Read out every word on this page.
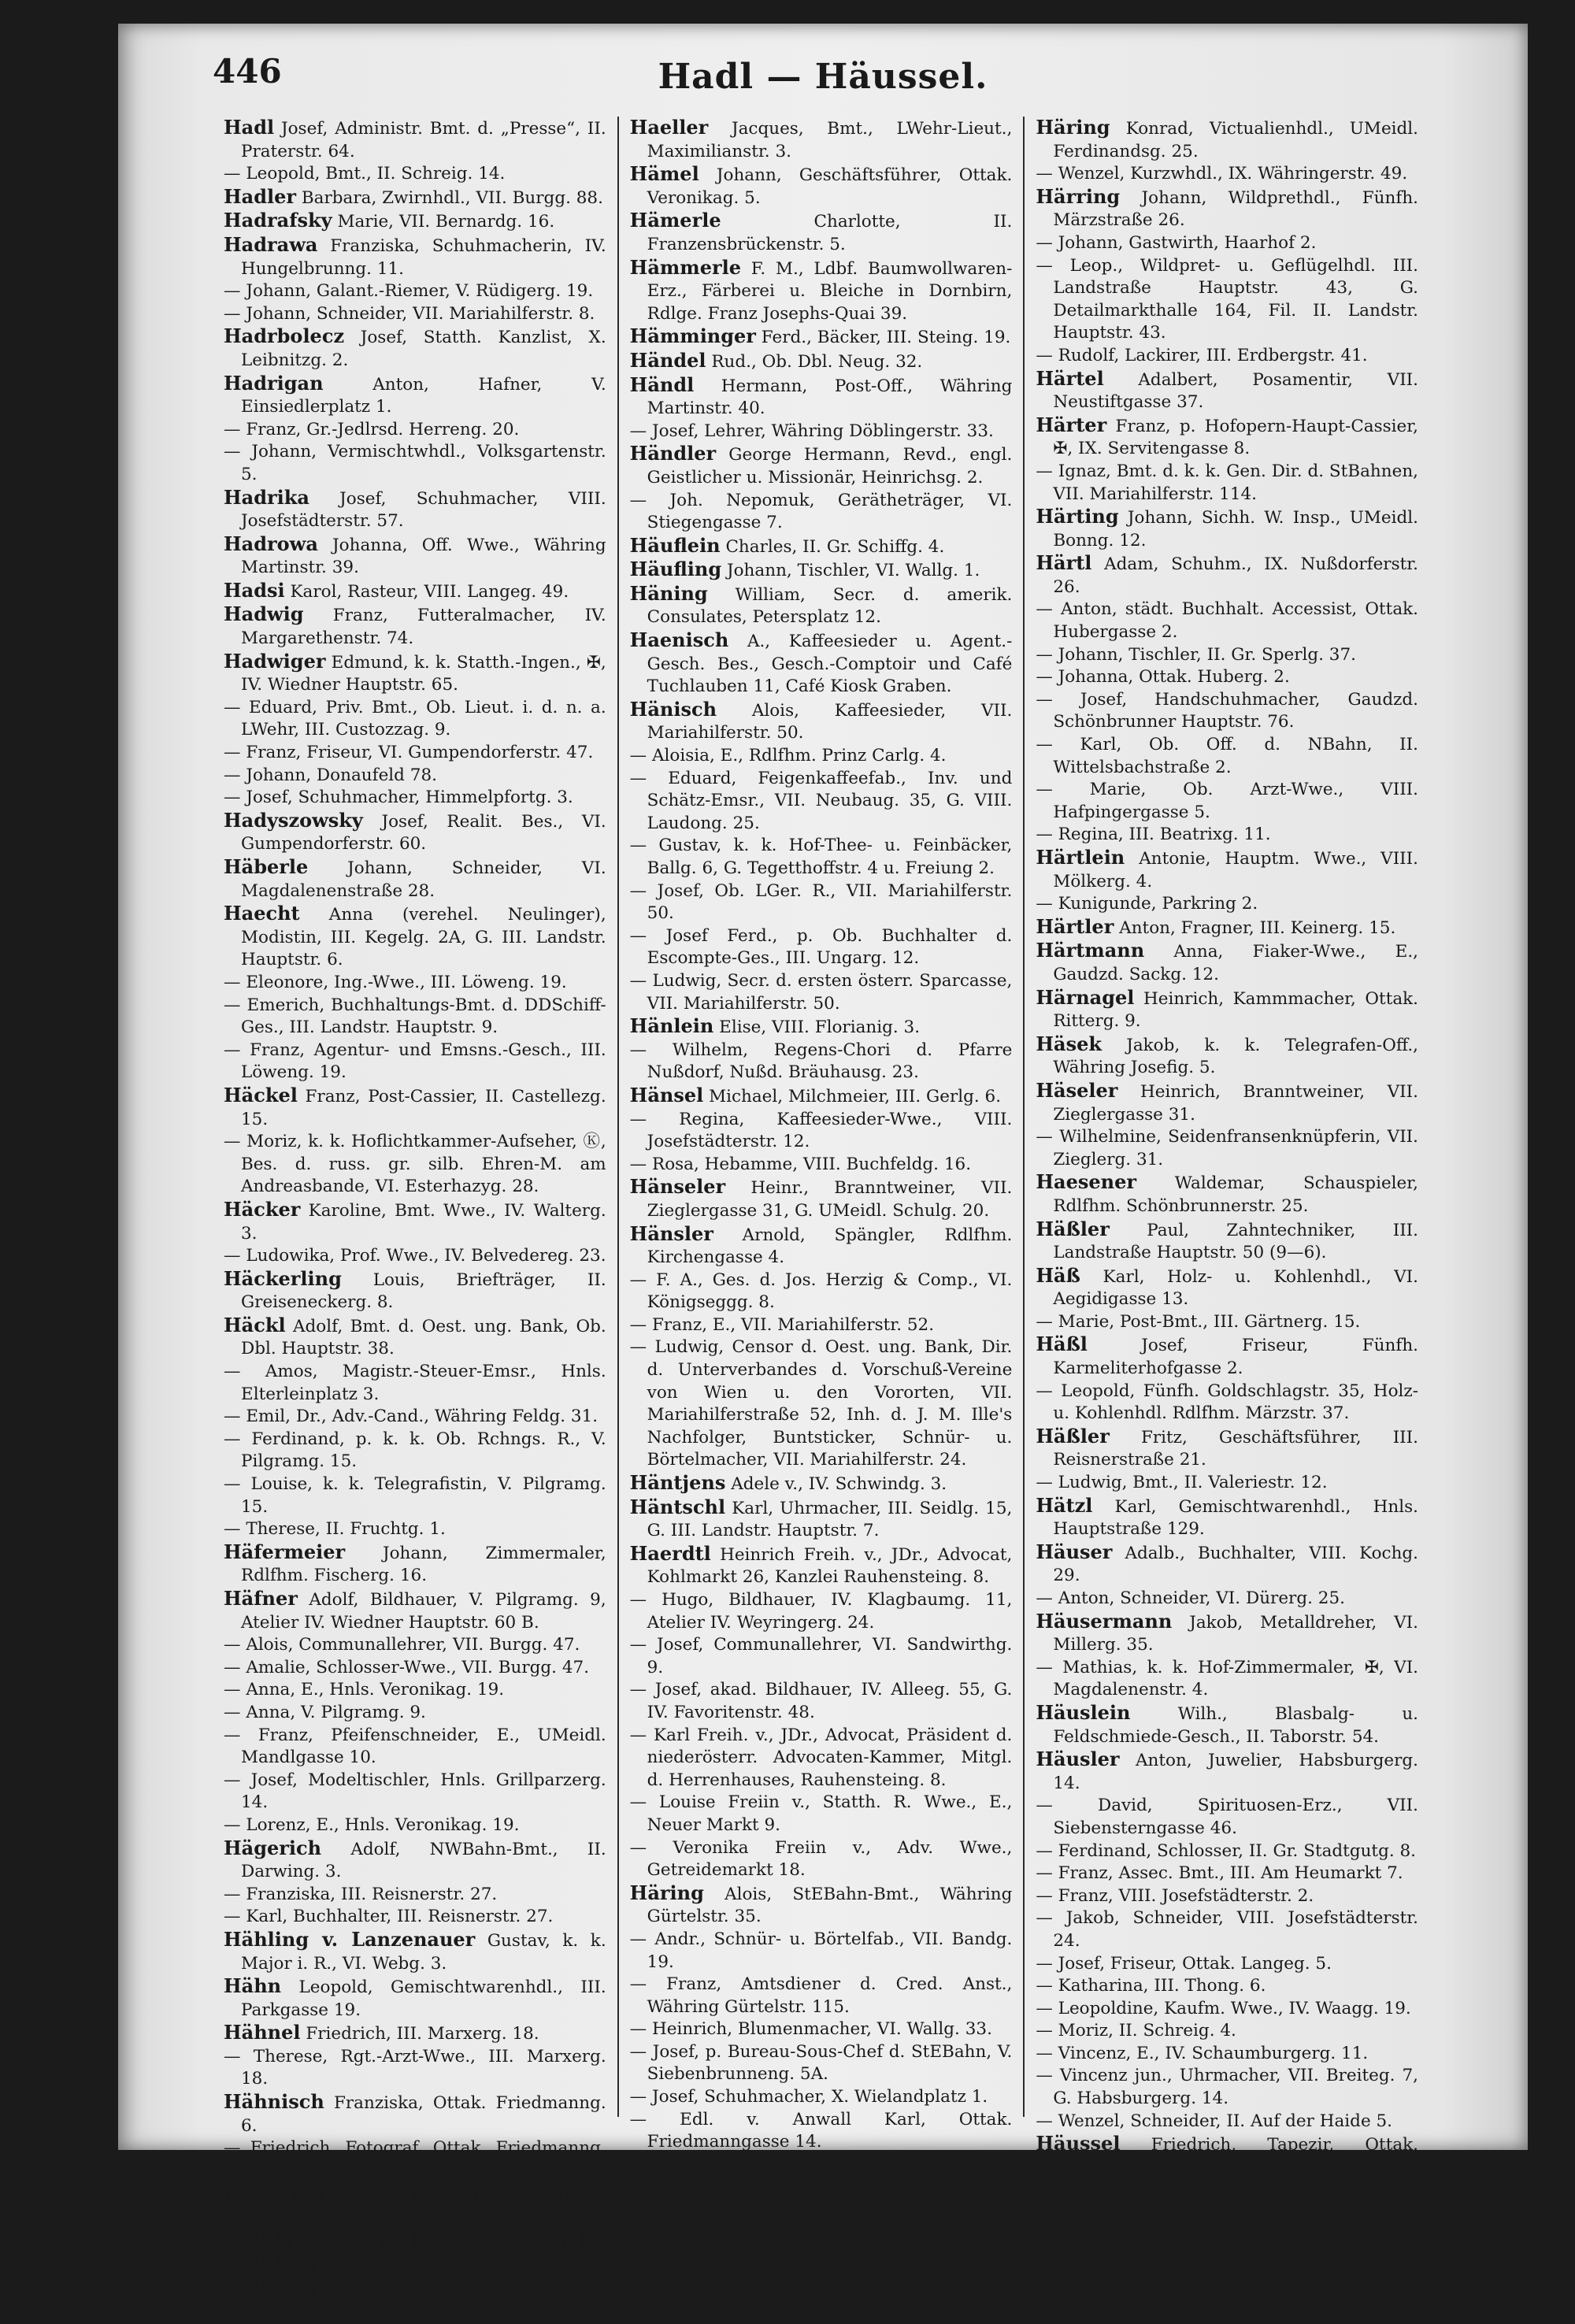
446	Hadl — Häussel.

Hadl Josef, Administr. Bmt. d. „Presse“, II. Praterstr. 64.

— Leopold, Bmt., II. Schreig. 14.

Hadler Barbara, Zwirnhdl., VII. Burgg. 88.

Hadrafsky Marie, VII. Bernardg. 16.

Hadrawa Franziska, Schuhmacherin, IV. Hungelbrunng. 11.

— Johann, Galant.-Riemer, V. Rüdigerg. 19.

— Johann, Schneider, VII. Mariahilferstr. 8.

Hadrbolecz Josef, Statth. Kanzlist, X. Leibnitzg. 2.

Hadrigan Anton, Hafner, V. Einsiedlerplatz 1.

— Franz, Gr.-Jedlrsd. Herreng. 20.

— Johann, Vermischtwhdl., Volksgartenstr. 5.

Hadrika Josef, Schuhmacher, VIII. Josefstädterstr. 57.

Hadrowa Johanna, Off. Wwe., Währing Martinstr. 39.

Hadsi Karol, Rasteur, VIII. Langeg. 49.

Hadwig Franz, Futteralmacher, IV. Margarethenstr. 74.

Hadwiger Edmund, k. k. Statth.-Ingen., ✠, IV. Wiedner Hauptstr. 65.

— Eduard, Priv. Bmt., Ob. Lieut. i. d. n. a. LWehr, III. Custozzag. 9.

— Franz, Friseur, VI. Gumpendorferstr. 47.

— Johann, Donaufeld 78.

— Josef, Schuhmacher, Himmelpfortg. 3.

Hadyszowsky Josef, Realit. Bes., VI. Gumpendorferstr. 60.

Häberle Johann, Schneider, VI. Magdalenenstraße 28.

Haecht Anna (verehel. Neulinger), Modistin, III. Kegelg. 2A, G. III. Landstr. Hauptstr. 6.

— Eleonore, Ing.-Wwe., III. Löweng. 19.

— Emerich, Buchhaltungs-Bmt. d. DDSchiff-Ges., III. Landstr. Hauptstr. 9.

— Franz, Agentur- und Emsns.-Gesch., III. Löweng. 19.

Häckel Franz, Post-Cassier, II. Castellezg. 15.

— Moriz, k. k. Hoflichtkammer-Aufseher, Ⓚ, Bes. d. russ. gr. silb. Ehren-M. am Andreasbande, VI. Esterhazyg. 28.

Häcker Karoline, Bmt. Wwe., IV. Walterg. 3.

— Ludowika, Prof. Wwe., IV. Belvedereg. 23.

Häckerling Louis, Briefträger, II. Greiseneckerg. 8.

Häckl Adolf, Bmt. d. Oest. ung. Bank, Ob. Dbl. Hauptstr. 38.

— Amos, Magistr.-Steuer-Emsr., Hnls. Elterleinplatz 3.

— Emil, Dr., Adv.-Cand., Währing Feldg. 31.

— Ferdinand, p. k. k. Ob. Rchngs. R., V. Pilgramg. 15.

— Louise, k. k. Telegrafistin, V. Pilgramg. 15.

— Therese, II. Fruchtg. 1.

Häfermeier Johann, Zimmermaler, Rdlfhm. Fischerg. 16.

Häfner Adolf, Bildhauer, V. Pilgramg. 9, Atelier IV. Wiedner Hauptstr. 60 B.

— Alois, Communallehrer, VII. Burgg. 47.

— Amalie, Schlosser-Wwe., VII. Burgg. 47.

— Anna, E., Hnls. Veronikag. 19.

— Anna, V. Pilgramg. 9.

— Franz, Pfeifenschneider, E., UMeidl. Mandlgasse 10.

— Josef, Modeltischler, Hnls. Grillparzerg. 14.

— Lorenz, E., Hnls. Veronikag. 19.

Hägerich Adolf, NWBahn-Bmt., II. Darwing. 3.

— Franziska, III. Reisnerstr. 27.

— Karl, Buchhalter, III. Reisnerstr. 27.

Hähling v. Lanzenauer Gustav, k. k. Major i. R., VI. Webg. 3.

Hähn Leopold, Gemischtwarenhdl., III. Parkgasse 19.

Hähnel Friedrich, III. Marxerg. 18.

— Therese, Rgt.-Arzt-Wwe., III. Marxerg. 18.

Hähnisch Franziska, Ottak. Friedmanng. 6.

— Friedrich, Fotograf, Ottak. Friedmanng. 6.

Hähnrich Johann, Fragner, X. Bucheng. 83.

Hälbig Arnold, Priv. Bmt., V. Spengerg. 1.

Hälkisch Marie, Heilgst. Grinzingerstr. 2.

Hälkisch Wilhelm, Lehrer, VI. Kasernengasse 3.

Haeller Jacques, Bmt., LWehr-Lieut., Maximilianstr. 3.

Hämel Johann, Geschäftsführer, Ottak. Veronikag. 5.

Hämerle Charlotte, II. Franzensbrückenstr. 5.

Hämmerle F. M., Ldbf. Baumwollwaren-Erz., Färberei u. Bleiche in Dornbirn, Rdlge. Franz Josephs-Quai 39.

Hämminger Ferd., Bäcker, III. Steing. 19.

Händel Rud., Ob. Dbl. Neug. 32.

Händl Hermann, Post-Off., Währing Martinstr. 40.

— Josef, Lehrer, Währing Döblingerstr. 33.

Händler George Hermann, Revd., engl. Geistlicher u. Missionär, Heinrichsg. 2.

— Joh. Nepomuk, Gerätheträger, VI. Stiegengasse 7.

Häuflein Charles, II. Gr. Schiffg. 4.

Häufling Johann, Tischler, VI. Wallg. 1.

Häning William, Secr. d. amerik. Consulates, Petersplatz 12.

Haenisch A., Kaffeesieder u. Agent.-Gesch. Bes., Gesch.-Comptoir und Café Tuchlauben 11, Café Kiosk Graben.

Hänisch Alois, Kaffeesieder, VII. Mariahilferstr. 50.

— Aloisia, E., Rdlfhm. Prinz Carlg. 4.

— Eduard, Feigenkaffeefab., Inv. und Schätz-Emsr., VII. Neubaug. 35, G. VIII. Laudong. 25.

— Gustav, k. k. Hof-Thee- u. Feinbäcker, Ballg. 6, G. Tegetthoffstr. 4 u. Freiung 2.

— Josef, Ob. LGer. R., VII. Mariahilferstr. 50.

— Josef Ferd., p. Ob. Buchhalter d. Escompte-Ges., III. Ungarg. 12.

— Ludwig, Secr. d. ersten österr. Sparcasse, VII. Mariahilferstr. 50.

Hänlein Elise, VIII. Florianig. 3.

— Wilhelm, Regens-Chori d. Pfarre Nußdorf, Nußd. Bräuhausg. 23.

Hänsel Michael, Milchmeier, III. Gerlg. 6.

— Regina, Kaffeesieder-Wwe., VIII. Josefstädterstr. 12.

— Rosa, Hebamme, VIII. Buchfeldg. 16.

Hänseler Heinr., Branntweiner, VII. Zieglergasse 31, G. UMeidl. Schulg. 20.

Hänsler Arnold, Spängler, Rdlfhm. Kirchengasse 4.

— F. A., Ges. d. Jos. Herzig & Comp., VI. Königseggg. 8.

— Franz, E., VII. Mariahilferstr. 52.

— Ludwig, Censor d. Oest. ung. Bank, Dir. d. Unterverbandes d. Vorschuß-Vereine von Wien u. den Vororten, VII. Mariahilferstraße 52, Inh. d. J. M. Ille's Nachfolger, Buntsticker, Schnür- u. Börtelmacher, VII. Mariahilferstr. 24.

Häntjens Adele v., IV. Schwindg. 3.

Häntschl Karl, Uhrmacher, III. Seidlg. 15, G. III. Landstr. Hauptstr. 7.

Haerdtl Heinrich Freih. v., JDr., Advocat, Kohlmarkt 26, Kanzlei Rauhensteing. 8.

— Hugo, Bildhauer, IV. Klagbaumg. 11, Atelier IV. Weyringerg. 24.

— Josef, Communallehrer, VI. Sandwirthg. 9.

— Josef, akad. Bildhauer, IV. Alleeg. 55, G. IV. Favoritenstr. 48.

— Karl Freih. v., JDr., Advocat, Präsident d. niederösterr. Advocaten-Kammer, Mitgl. d. Herrenhauses, Rauhensteing. 8.

— Louise Freiin v., Statth. R. Wwe., E., Neuer Markt 9.

— Veronika Freiin v., Adv. Wwe., Getreidemarkt 18.

Häring Alois, StEBahn-Bmt., Währing Gürtelstr. 35.

— Andr., Schnür- u. Börtelfab., VII. Bandg. 19.

— Franz, Amtsdiener d. Cred. Anst., Währing Gürtelstr. 115.

— Heinrich, Blumenmacher, VI. Wallg. 33.

— Josef, p. Bureau-Sous-Chef d. StEBahn, V. Siebenbrunneng. 5A.

— Josef, Schuhmacher, X. Wielandplatz 1.

— Edl. v. Anwall Karl, Ottak. Friedmanngasse 14.

Häring Konrad, Victualienhdl., UMeidl. Ferdinandsg. 25.

— Wenzel, Kurzwhdl., IX. Währingerstr. 49.

Härring Johann, Wildprethdl., Fünfh. Märzstraße 26.

— Johann, Gastwirth, Haarhof 2.

— Leop., Wildpret- u. Geflügelhdl. III. Landstraße Hauptstr. 43, G. Detailmarkthalle 164, Fil. II. Landstr. Hauptstr. 43.

— Rudolf, Lackirer, III. Erdbergstr. 41.

Härtel Adalbert, Posamentir, VII. Neustiftgasse 37.

Härter Franz, p. Hofopern-Haupt-Cassier, ✠, IX. Servitengasse 8.

— Ignaz, Bmt. d. k. k. Gen. Dir. d. StBahnen, VII. Mariahilferstr. 114.

Härting Johann, Sichh. W. Insp., UMeidl. Bonng. 12.

Härtl Adam, Schuhm., IX. Nußdorferstr. 26.

— Anton, städt. Buchhalt. Accessist, Ottak. Hubergasse 2.

— Johann, Tischler, II. Gr. Sperlg. 37.

— Johanna, Ottak. Huberg. 2.

— Josef, Handschuhmacher, Gaudzd. Schönbrunner Hauptstr. 76.

— Karl, Ob. Off. d. NBahn, II. Wittelsbachstraße 2.

— Marie, Ob. Arzt-Wwe., VIII. Hafpingergasse 5.

— Regina, III. Beatrixg. 11.

Härtlein Antonie, Hauptm. Wwe., VIII. Mölkerg. 4.

— Kunigunde, Parkring 2.

Härtler Anton, Fragner, III. Keinerg. 15.

Härtmann Anna, Fiaker-Wwe., E., Gaudzd. Sackg. 12.

Härnagel Heinrich, Kammmacher, Ottak. Ritterg. 9.

Häsek Jakob, k. k. Telegrafen-Off., Währing Josefig. 5.

Häseler Heinrich, Branntweiner, VII. Zieglergasse 31.

— Wilhelmine, Seidenfransenknüpferin, VII. Zieglerg. 31.

Haesener Waldemar, Schauspieler, Rdlfhm. Schönbrunnerstr. 25.

Häßler Paul, Zahntechniker, III. Landstraße Hauptstr. 50 (9—6).

Häß Karl, Holz- u. Kohlenhdl., VI. Aegidigasse 13.

— Marie, Post-Bmt., III. Gärtnerg. 15.

Häßl Josef, Friseur, Fünfh. Karmeliterhofgasse 2.

— Leopold, Fünfh. Goldschlagstr. 35, Holz- u. Kohlenhdl. Rdlfhm. Märzstr. 37.

Häßler Fritz, Geschäftsführer, III. Reisnerstraße 21.

— Ludwig, Bmt., II. Valeriestr. 12.

Hätzl Karl, Gemischtwarenhdl., Hnls. Hauptstraße 129.

Häuser Adalb., Buchhalter, VIII. Kochg. 29.

— Anton, Schneider, VI. Dürerg. 25.

Häusermann Jakob, Metalldreher, VI. Millerg. 35.

— Mathias, k. k. Hof-Zimmermaler, ✠, VI. Magdalenenstr. 4.

Häuslein Wilh., Blasbalg- u. Feldschmiede-Gesch., II. Taborstr. 54.

Häusler Anton, Juwelier, Habsburgerg. 14.

— David, Spirituosen-Erz., VII. Siebensterngasse 46.

— Ferdinand, Schlosser, II. Gr. Stadtgutg. 8.

— Franz, Assec. Bmt., III. Am Heumarkt 7.

— Franz, VIII. Josefstädterstr. 2.

— Jakob, Schneider, VIII. Josefstädterstr. 24.

— Josef, Friseur, Ottak. Langeg. 5.

— Katharina, III. Thong. 6.

— Leopoldine, Kaufm. Wwe., IV. Waagg. 19.

— Moriz, II. Schreig. 4.

— Vincenz, E., IV. Schaumburgerg. 11.

— Vincenz jun., Uhrmacher, VII. Breiteg. 7, G. Habsburgerg. 14.

— Wenzel, Schneider, II. Auf der Haide 5.

Häussel Friedrich, Tapezir, Ottak. Abelegasse 18.
